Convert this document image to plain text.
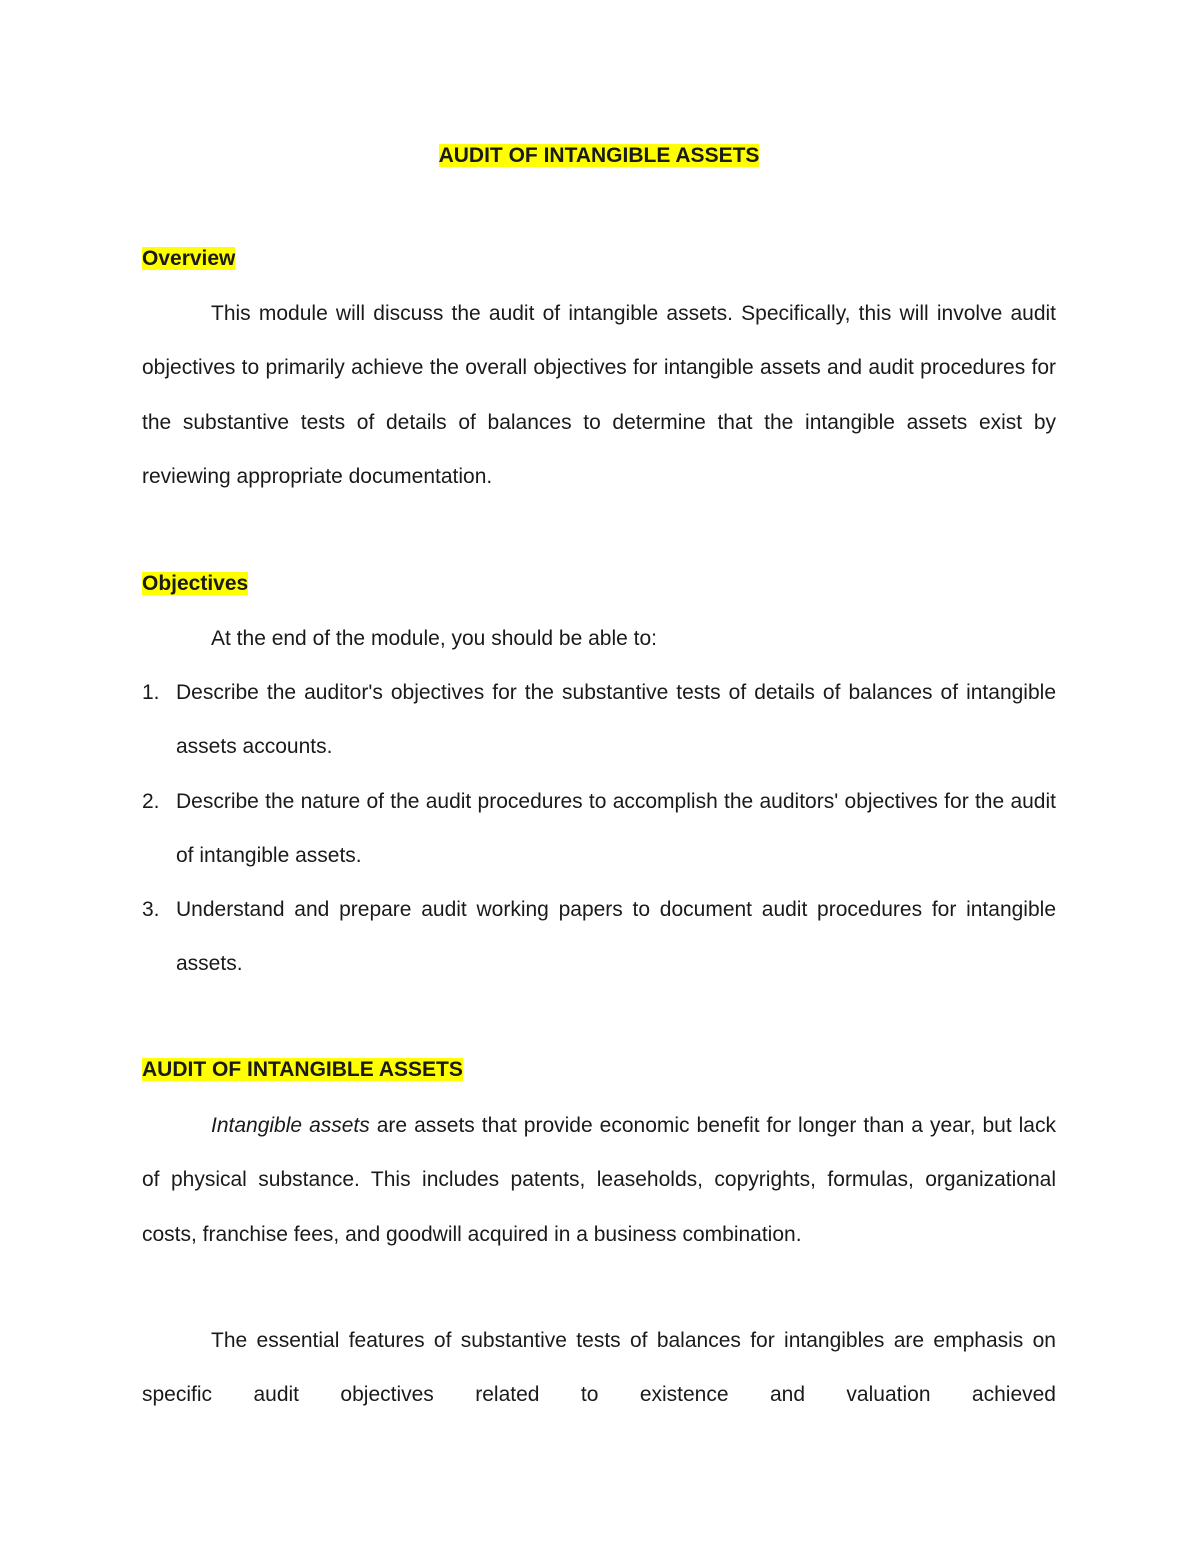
AUDIT OF INTANGIBLE ASSETS
Overview

This module will discuss the audit of intangible assets. Specifically, this will involve audit objectives to primarily achieve the overall objectives for intangible assets and audit procedures for the substantive tests of details of balances to determine that the intangible assets exist by reviewing appropriate documentation.

Objectives
At the end of the module, you should be able to:
1. Describe the auditor's objectives for the substantive tests of details of balances of intangible assets accounts.
2. Describe the nature of the audit procedures to accomplish the auditors' objectives for the audit of intangible assets.
3. Understand and prepare audit working papers to document audit procedures for intangible assets.
AUDIT OF INTANGIBLE ASSETS

Intangible assets are assets that provide economic benefit for longer than a year, but lack of physical substance. This includes patents, leaseholds, copyrights, formulas, organizational costs, franchise fees, and goodwill acquired in a business combination.

The essential features of substantive tests of balances for intangibles are emphasis on specific audit objectives related to existence and valuation achieved
